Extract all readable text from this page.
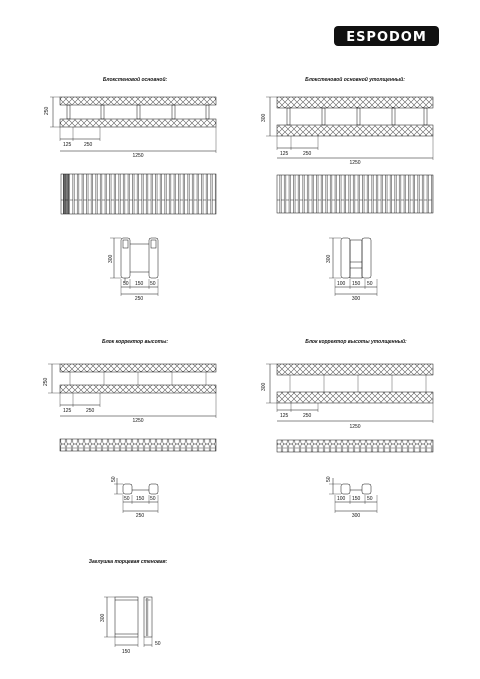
ESPODOM
Блокстеновой основной:
250
125	250
1250
300
50 150 50
250
Блокстеновой основной утолщенный:
300
125	250
1250
300
100 150 50
300
Блок корректор высоты:
250
125	250
1250
50
50 150 50
250
Блок корректор высоты утолщенный:
300
125	250
1250
50
100 150 50
300
Заглушка торцевая стеновая:
300
150
50
